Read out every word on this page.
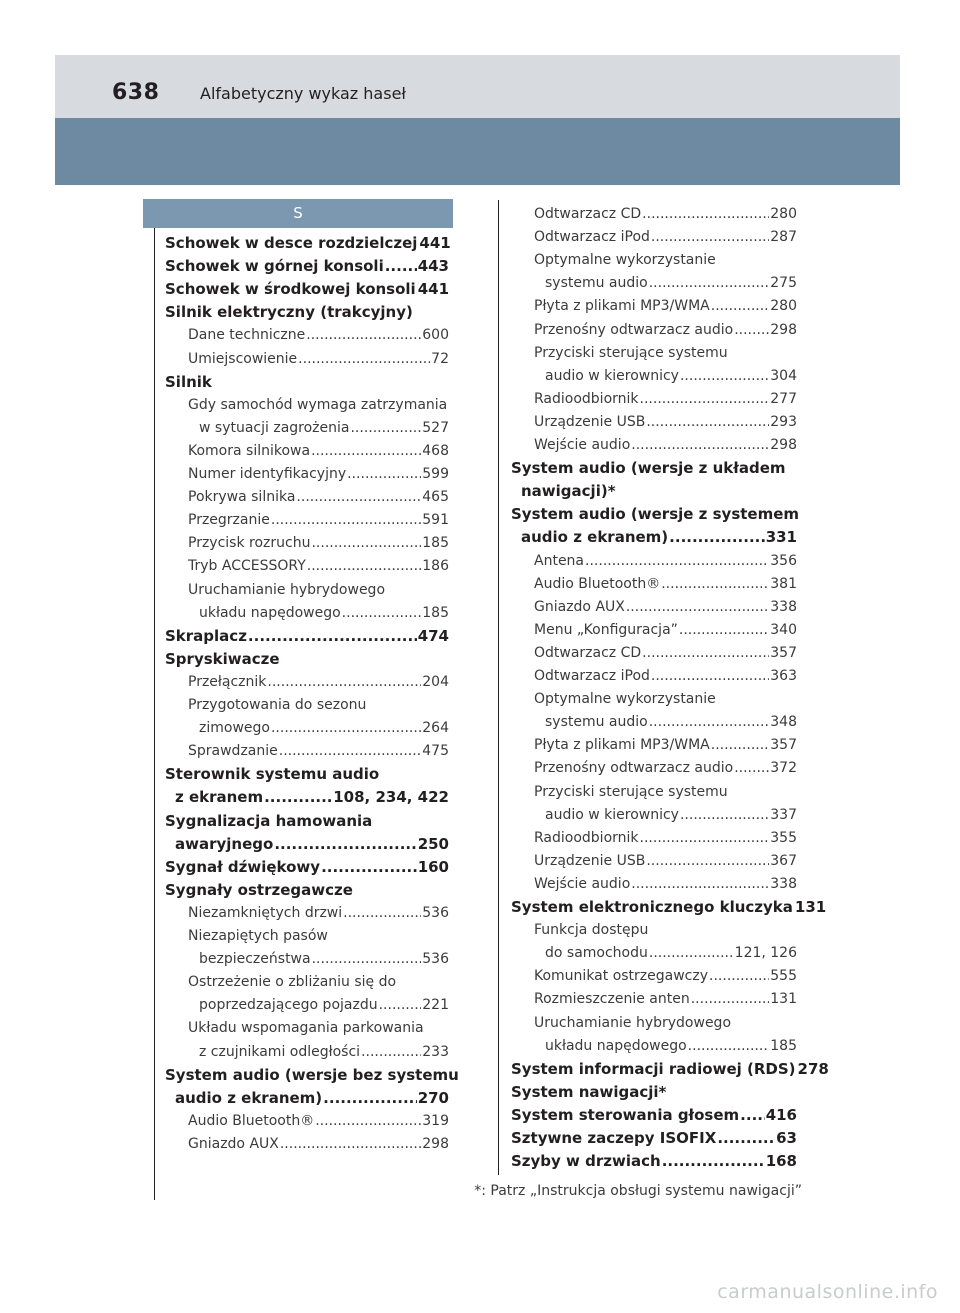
638	Alfabetyczny wykaz haseł
S
Schowek w desce rozdzielczej 441
Schowek w górnej konsoli ..... 443
Schowek w środkowej konsoli 441
Silnik elektryczny (trakcyjny)
Dane techniczne .....	600
Umiejscowienie .....	72
Silnik
Gdy samochód wymaga zatrzymania
w sytuacji zagrożenia .....	527
Komora silnikowa .....	468
Numer identyfikacyjny .....	599
Pokrywa silnika .....	465
Przegrzanie .....	591
Przycisk rozruchu .....	185
Tryb ACCESSORY .....	186
Uruchamianie hybrydowego
układu napędowego .....	185
Skraplacz .....	474
Spryskiwacze
Przełącznik .....	204
Przygotowania do sezonu
zimowego .....	264
Sprawdzanie .....	475
Sterownik systemu audio
z ekranem .....	108, 234, 422
Sygnalizacja hamowania
awaryjnego .....	250
Sygnał dźwiękowy .....	160
Sygnały ostrzegawcze
Niezamkniętych drzwi .....	536
Niezapiętych pasów
bezpieczeństwa .....	536
Ostrzeżenie o zbliżaniu się do
poprzedzającego pojazdu .....	221
Układu wspomagania parkowania
z czujnikami odległości .....	233
System audio (wersje bez systemu
audio z ekranem) .....	270
Audio Bluetooth® .....	319
Gniazdo AUX .....	298
Odtwarzacz CD .....	280
Odtwarzacz iPod .....	287
Optymalne wykorzystanie
systemu audio .....	275
Płyta z plikami MP3/WMA .....	280
Przenośny odtwarzacz audio .....	298
Przyciski sterujące systemu
audio w kierownicy .....	304
Radioodbiornik .....	277
Urządzenie USB .....	293
Wejście audio .....	298
System audio (wersje z układem
nawigacji)*
System audio (wersje z systemem
audio z ekranem) .....	331
Antena .....	356
Audio Bluetooth® .....	381
Gniazdo AUX .....	338
Menu „Konfiguracja” .....	340
Odtwarzacz CD .....	357
Odtwarzacz iPod .....	363
Optymalne wykorzystanie
systemu audio .....	348
Płyta z plikami MP3/WMA .....	357
Przenośny odtwarzacz audio .....	372
Przyciski sterujące systemu
audio w kierownicy .....	337
Radioodbiornik .....	355
Urządzenie USB .....	367
Wejście audio .....	338
System elektronicznego kluczyka 131
Funkcja dostępu
do samochodu .....	121, 126
Komunikat ostrzegawczy .....	555
Rozmieszczenie anten .....	131
Uruchamianie hybrydowego
układu napędowego .....	185
System informacji radiowej (RDS) 278
System nawigacji*
System sterowania głosem ..... 416
Sztywne zaczepy ISOFIX .....	63
Szyby w drzwiach .....	168
*: Patrz „Instrukcja obsługi systemu nawigacji”
carmanualsonline.info
